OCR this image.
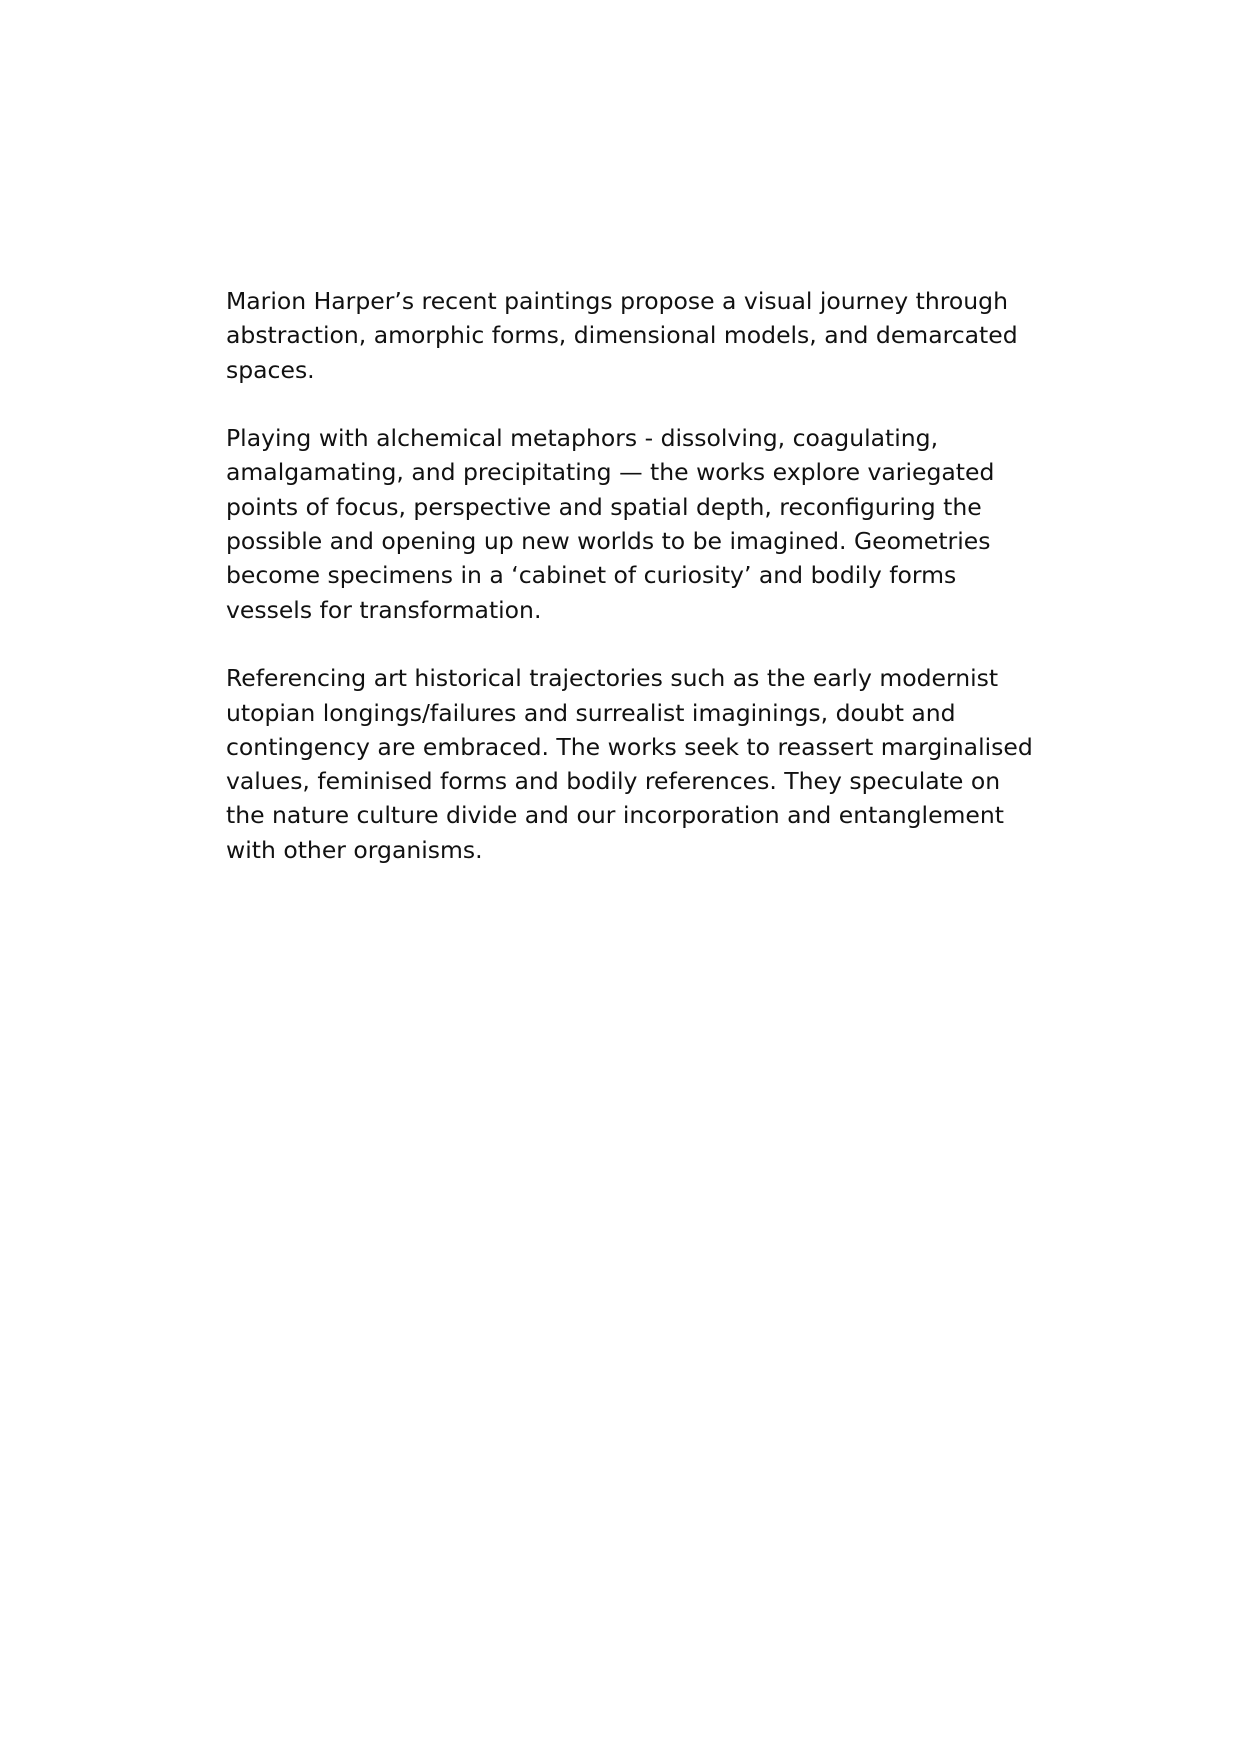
Marion Harper’s recent paintings propose a visual journey through
abstraction, amorphic forms, dimensional models, and demarcated
spaces.

Playing with alchemical metaphors - dissolving, coagulating,
amalgamating, and precipitating — the works explore variegated
points of focus, perspective and spatial depth, reconfiguring the
possible and opening up new worlds to be imagined. Geometries
become specimens in a ‘cabinet of curiosity’ and bodily forms
vessels for transformation.

Referencing art historical trajectories such as the early modernist
utopian longings/failures and surrealist imaginings, doubt and
contingency are embraced. The works seek to reassert marginalised
values, feminised forms and bodily references. They speculate on
the nature culture divide and our incorporation and entanglement
with other organisms.
